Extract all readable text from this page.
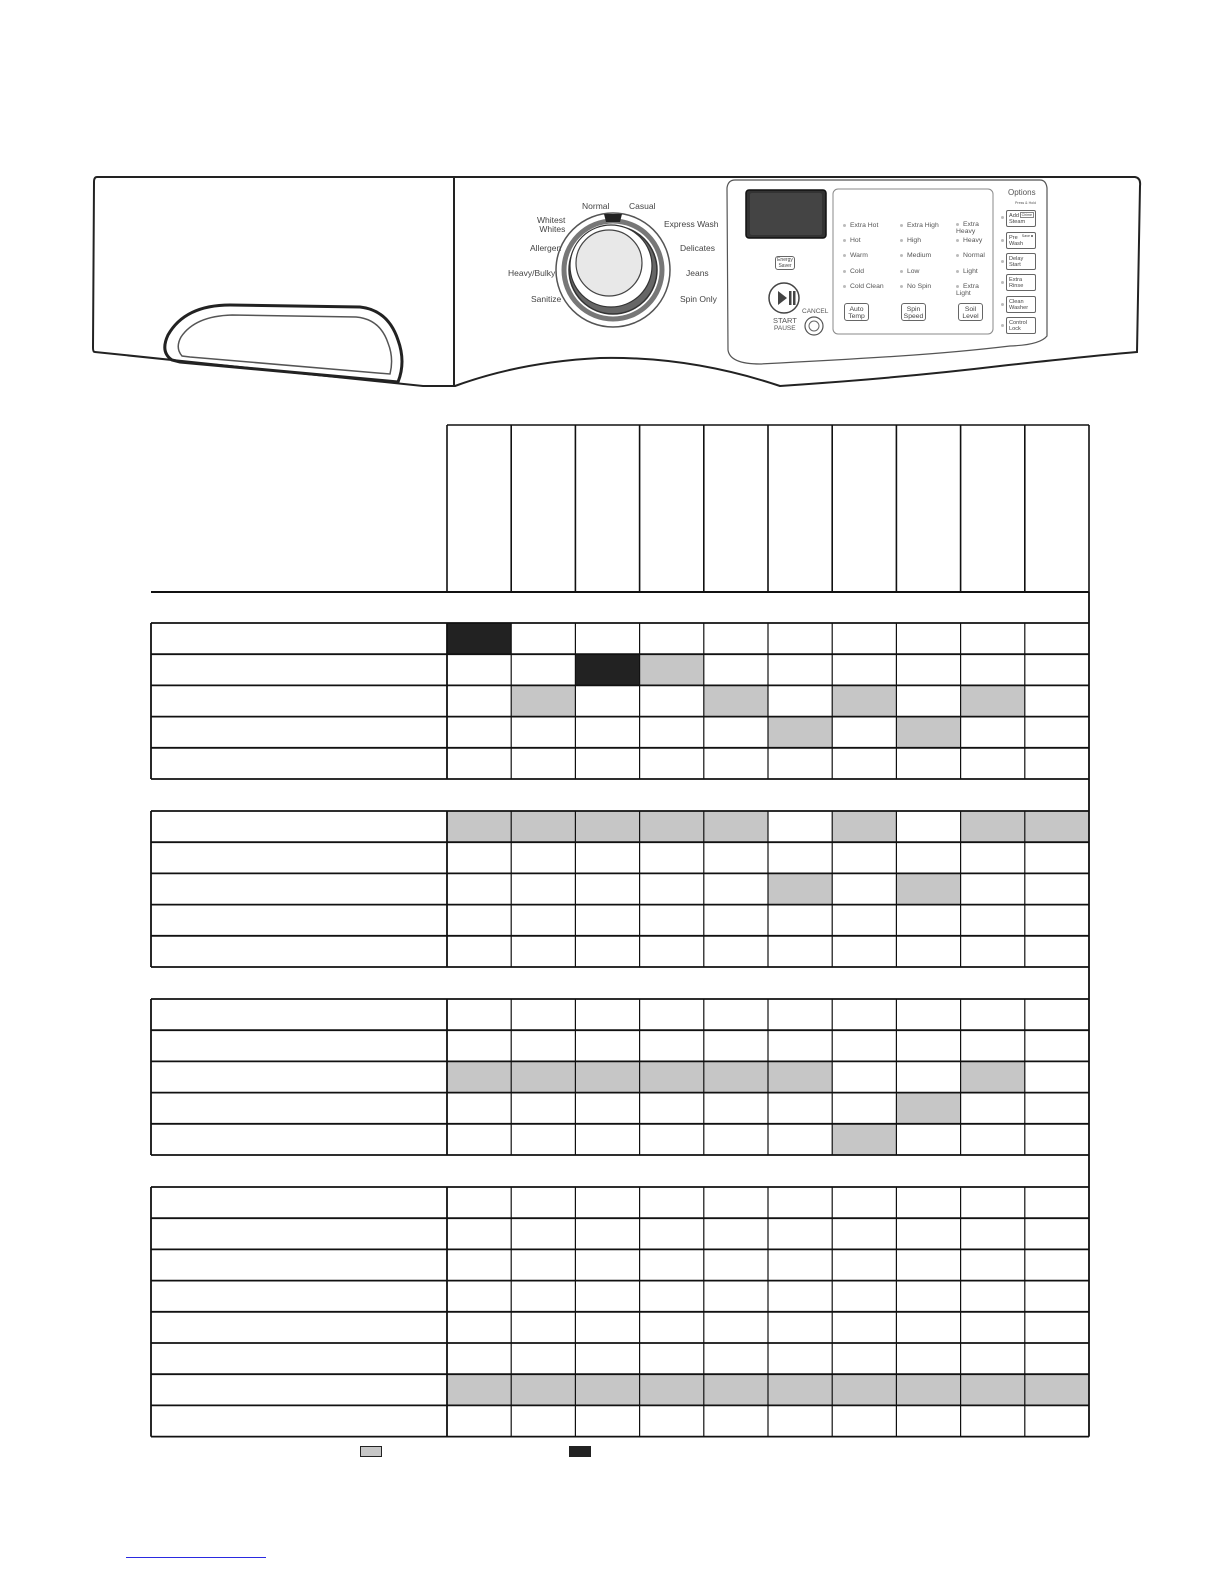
Normal Casual
Whitest
Whites	Express Wash
Allergen	Delicates
Heavy/Bulky	Jeans
Sanitize	Spin Only
Energy
Saver
START
PAUSE
CANCEL
Extra Hot
Hot
Warm
Cold
Cold Clean
Extra High
High
Medium
Low
No Spin
Extra
Heavy
Heavy
Normal
Light
Extra
Light
Auto
Temp
Spin
Speed
Soil
Level
Options
Press & Hold
Add
Steam
Chime
Pre
Wash
Save
Delay
Start
Extra
Rinse
Clean
Washer
Control
Lock
